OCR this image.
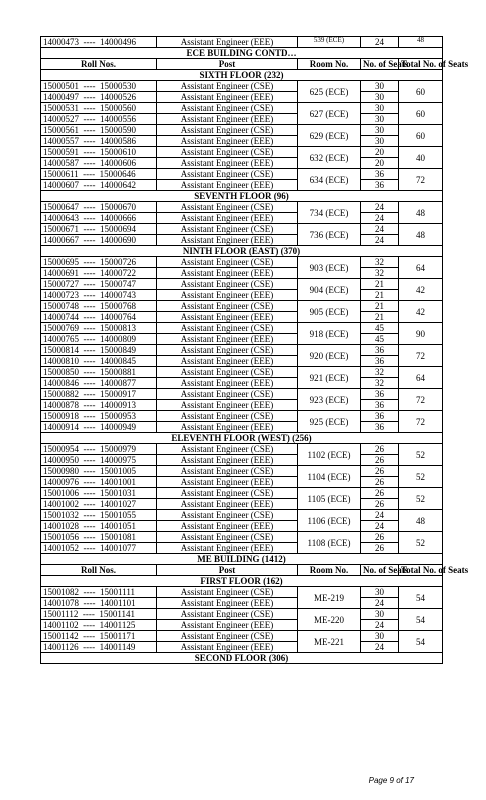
14000473 ---- 14000496	Assistant Engineer (EEE)	539 (ECE)	24	48
ECE BUILDING CONTD…				
Roll Nos.	Post	Room No.	No. of Seats	Total No. of Seats
SIXTH FLOOR (232)				
15000501 ---- 15000530	Assistant Engineer (CSE)	625 (ECE)	30	60
14000497 ---- 14000526	Assistant Engineer (EEE)		30	
15000531 ---- 15000560	Assistant Engineer (CSE)	627 (ECE)	30	60
14000527 ---- 14000556	Assistant Engineer (EEE)		30	
15000561 ---- 15000590	Assistant Engineer (CSE)	629 (ECE)	30	60
14000557 ---- 14000586	Assistant Engineer (EEE)		30	
15000591 ---- 15000610	Assistant Engineer (CSE)	632 (ECE)	20	40
14000587 ---- 14000606	Assistant Engineer (EEE)		20	
15000611 ---- 15000646	Assistant Engineer (CSE)	634 (ECE)	36	72
14000607 ---- 14000642	Assistant Engineer (EEE)		36	
SEVENTH FLOOR (96)				
15000647 ---- 15000670	Assistant Engineer (CSE)	734 (ECE)	24	48
14000643 ---- 14000666	Assistant Engineer (EEE)		24	
15000671 ---- 15000694	Assistant Engineer (CSE)	736 (ECE)	24	48
14000667 ---- 14000690	Assistant Engineer (EEE)		24	
NINTH FLOOR (EAST) (370)				
15000695 ---- 15000726	Assistant Engineer (CSE)	903 (ECE)	32	64
14000691 ---- 14000722	Assistant Engineer (EEE)		32	
15000727 ---- 15000747	Assistant Engineer (CSE)	904 (ECE)	21	42
14000723 ---- 14000743	Assistant Engineer (EEE)		21	
15000748 ---- 15000768	Assistant Engineer (CSE)	905 (ECE)	21	42
14000744 ---- 14000764	Assistant Engineer (EEE)		21	
15000769 ---- 15000813	Assistant Engineer (CSE)	918 (ECE)	45	90
14000765 ---- 14000809	Assistant Engineer (EEE)		45	
15000814 ---- 15000849	Assistant Engineer (CSE)	920 (ECE)	36	72
14000810 ---- 14000845	Assistant Engineer (EEE)		36	
15000850 ---- 15000881	Assistant Engineer (CSE)	921 (ECE)	32	64
14000846 ---- 14000877	Assistant Engineer (EEE)		32	
15000882 ---- 15000917	Assistant Engineer (CSE)	923 (ECE)	36	72
14000878 ---- 14000913	Assistant Engineer (EEE)		36	
15000918 ---- 15000953	Assistant Engineer (CSE)	925 (ECE)	36	72
14000914 ---- 14000949	Assistant Engineer (EEE)		36	
ELEVENTH FLOOR (WEST) (256)				
15000954 ---- 15000979	Assistant Engineer (CSE)	1102 (ECE)	26	52
14000950 ---- 14000975	Assistant Engineer (EEE)		26	
15000980 ---- 15001005	Assistant Engineer (CSE)	1104 (ECE)	26	52
14000976 ---- 14001001	Assistant Engineer (EEE)		26	
15001006 ---- 15001031	Assistant Engineer (CSE)	1105 (ECE)	26	52
14001002 ---- 14001027	Assistant Engineer (EEE)		26	
15001032 ---- 15001055	Assistant Engineer (CSE)	1106 (ECE)	24	48
14001028 ---- 14001051	Assistant Engineer (EEE)		24	
15001056 ---- 15001081	Assistant Engineer (CSE)	1108 (ECE)	26	52
14001052 ---- 14001077	Assistant Engineer (EEE)		26	
ME BUILDING (1412)				
Roll Nos.	Post	Room No.	No. of Seats	Total No. of Seats
FIRST FLOOR (162)				
15001082 ---- 15001111	Assistant Engineer (CSE)	ME-219	30	54
14001078 ---- 14001101	Assistant Engineer (EEE)		24	
15001112 ---- 15001141	Assistant Engineer (CSE)	ME-220	30	54
14001102 ---- 14001125	Assistant Engineer (EEE)		24	
15001142 ---- 15001171	Assistant Engineer (CSE)	ME-221	30	54
14001126 ---- 14001149	Assistant Engineer (EEE)		24	
SECOND FLOOR (306)				
Page 9 of 17
